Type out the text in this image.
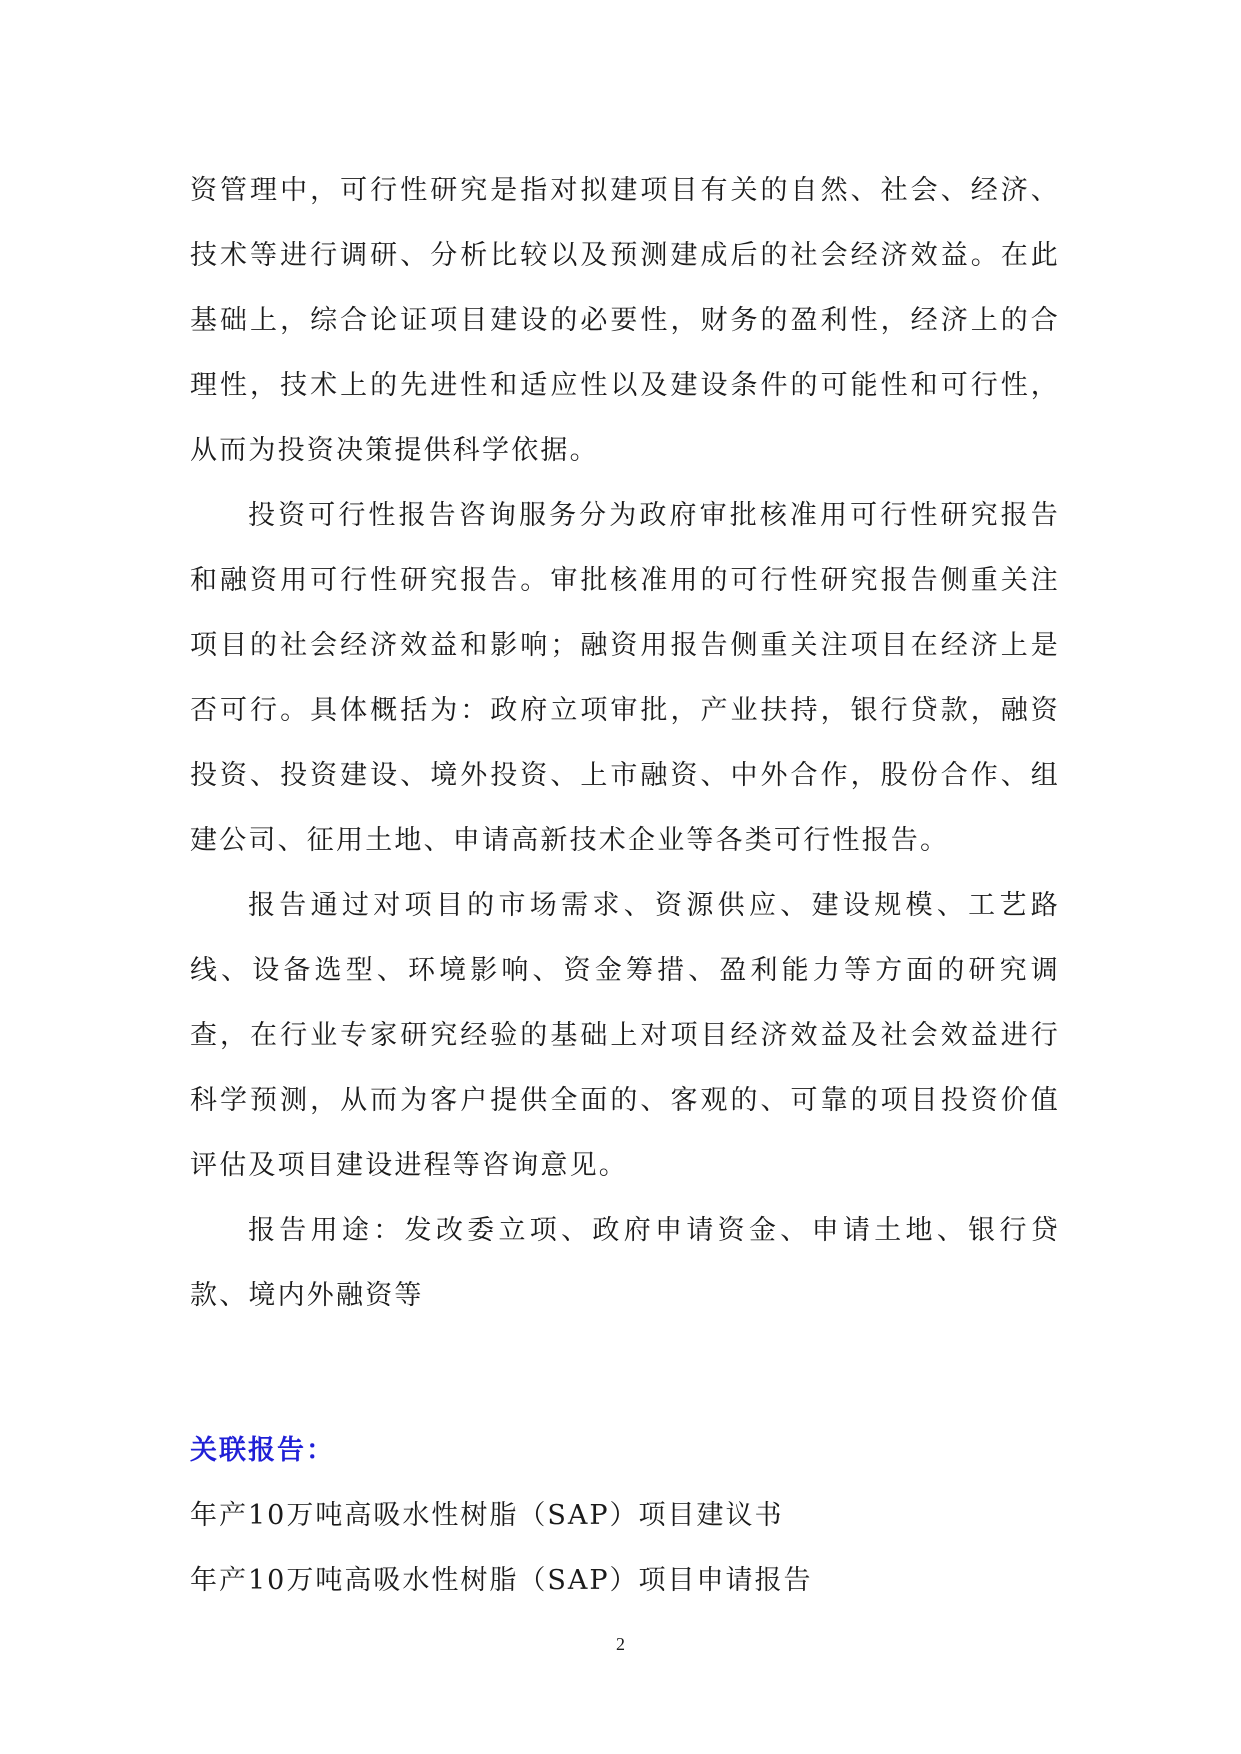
资管理中，可行性研究是指对拟建项目有关的自然、社会、经济、技术等进行调研、分析比较以及预测建成后的社会经济效益。在此基础上，综合论证项目建设的必要性，财务的盈利性，经济上的合理性，技术上的先进性和适应性以及建设条件的可能性和可行性，从而为投资决策提供科学依据。

投资可行性报告咨询服务分为政府审批核准用可行性研究报告和融资用可行性研究报告。审批核准用的可行性研究报告侧重关注项目的社会经济效益和影响；融资用报告侧重关注项目在经济上是否可行。具体概括为：政府立项审批，产业扶持，银行贷款，融资投资、投资建设、境外投资、上市融资、中外合作，股份合作、组建公司、征用土地、申请高新技术企业等各类可行性报告。

报告通过对项目的市场需求、资源供应、建设规模、工艺路线、设备选型、环境影响、资金筹措、盈利能力等方面的研究调查，在行业专家研究经验的基础上对项目经济效益及社会效益进行科学预测，从而为客户提供全面的、客观的、可靠的项目投资价值评估及项目建设进程等咨询意见。

报告用途：发改委立项、政府申请资金、申请土地、银行贷款、境内外融资等

关联报告：
年产10万吨高吸水性树脂（SAP）项目建议书
年产10万吨高吸水性树脂（SAP）项目申请报告
2
